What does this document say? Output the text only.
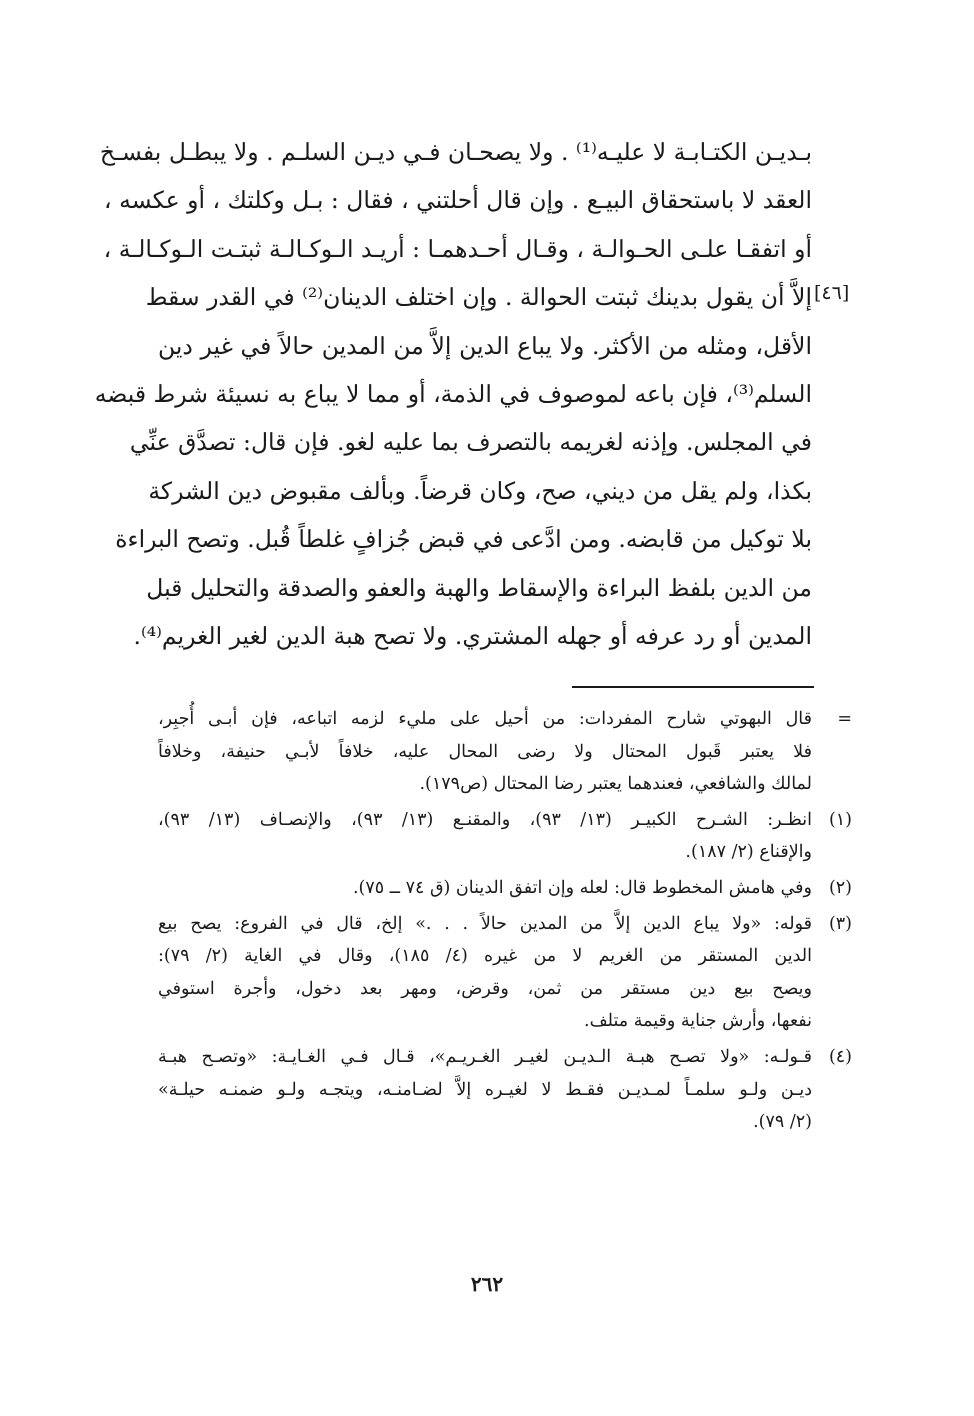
بـديـن الكتـابـة لا عليـه⁽¹⁾ . ولا يصحـان فـي ديـن السلـم . ولا يبطـل بفسـخ
العقد لا باستحقاق البيـع . وإن قال أحلتني ، فقال : بـل وكلتك ، أو عكسه ،
أو اتفقـا علـى الحـوالـة ، وقـال أحـدهمـا : أريـد الـوكـالـة ثبتـت الـوكـالـة ،
إلاَّ أن يقول بدينك ثبتت الحوالة . وإن اختلف الدينان⁽²⁾ في القدر سقط
الأقل، ومثله من الأكثر. ولا يباع الدين إلاَّ من المدين حالاً في غير دين
السلم⁽³⁾، فإن باعه لموصوف في الذمة، أو مما لا يباع به نسيئة شرط قبضه
في المجلس. وإذنه لغريمه بالتصرف بما عليه لغو. فإن قال: تصدَّق عنِّي
بكذا، ولم يقل من ديني، صح، وكان قرضاً. وبألف مقبوض دين الشركة
بلا توكيل من قابضه. ومن ادَّعى في قبض جُزافٍ غلطاً قُبل. وتصح البراءة
من الدين بلفظ البراءة والإسقاط والهبة والعفو والصدقة والتحليل قبل
المدين أو رد عرفه أو جهله المشتري. ولا تصح هبة الدين لغير الغريم⁽⁴⁾.
[٤٦]
=
قال البهوتي شارح المفردات: من أحيل على مليء لزمه اتباعه، فإن أبـى أُجبِر،
فلا يعتبر قَبول المحتال ولا رضى المحال عليه، خلافاً لأبـي حنيفة، وخلافاً
لمالك والشافعي، فعندهما يعتبر رضا المحتال (ص١٧٩).
(١)
انظـر: الشـرح الكبيـر (١٣/ ٩٣)، والمقنـع (١٣/ ٩٣)، والإنصـاف (١٣/ ٩٣)،
والإقناع (٢/ ١٨٧).
(٢)
وفي هامش المخطوط قال: لعله وإن اتفق الدينان (ق ٧٤ ــ ٧٥).
(٣)
قوله: «ولا يباع الدين إلاَّ من المدين حالاً . . .» إلخ، قال في الفروع: يصح بيع
الدين المستقر من الغريم لا من غيره (٤/ ١٨٥)، وقال في الغاية (٢/ ٧٩):
ويصح بيع دين مستقر من ثمن، وقرض، ومهر بعد دخول، وأجرة استوفي
نفعها، وأرش جناية وقيمة متلف.
(٤)
قـولـه: «ولا تصـح هبـة الـديـن لغيـر الغـريـم»، قـال فـي الغـايـة: «وتصـح هبـة
ديـن ولـو سلمـاً لمـديـن فقـط لا لغيـره إلاَّ لضـامنـه، ويتجـه ولـو ضمنـه حيلـة»
(٢/ ٧٩).
٢٦٢
